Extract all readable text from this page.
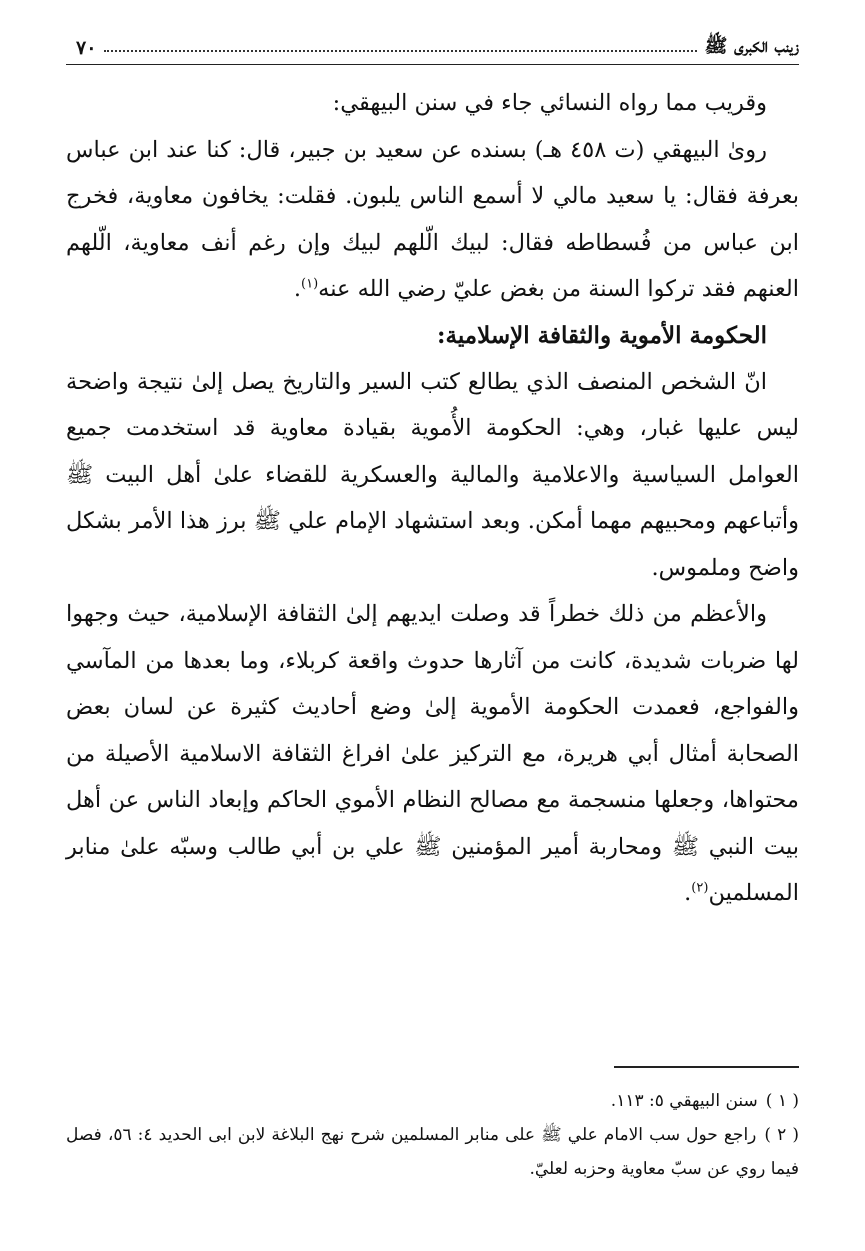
زينب الكبرى ﷺ
٧٠

وقريب مما رواه النسائي جاء في سنن البيهقي:

روىٰ البيهقي (ت ٤٥٨ هـ) بسنده عن سعيد بن جبير، قال: كنا عند ابن عباس بعرفة فقال: يا سعيد مالي لا أسمع الناس يلبون. فقلت: يخافون معاوية، فخرج ابن عباس من فُسطاطه فقال: لبيك الّلهم لبيك وإن رغم أنف معاوية، الّلهم العنهم فقد تركوا السنة من بغض عليّ رضي الله عنه$^{(١)}$.

الحكومة الأموية والثقافة الإسلامية:

انّ الشخص المنصف الذي يطالع كتب السير والتاريخ يصل إلىٰ نتيجة واضحة ليس عليها غبار، وهي: الحكومة الأُموية بقيادة معاوية قد استخدمت جميع العوامل السياسية والاعلامية والمالية والعسكرية للقضاء علىٰ أهل البيت ﷺ وأتباعهم ومحبيهم مهما أمكن. وبعد استشهاد الإمام علي ﷺ برز هذا الأمر بشكل واضح وملموس.

والأعظم من ذلك خطراً قد وصلت ايديهم إلىٰ الثقافة الإسلامية، حيث وجهوا لها ضربات شديدة، كانت من آثارها حدوث واقعة كربلاء، وما بعدها من المآسي والفواجع، فعمدت الحكومة الأموية إلىٰ وضع أحاديث كثيرة عن لسان بعض الصحابة أمثال أبي هريرة، مع التركيز علىٰ افراغ الثقافة الاسلامية الأصيلة من محتواها، وجعلها منسجمة مع مصالح النظام الأموي الحاكم وإبعاد الناس عن أهل بيت النبي ﷺ ومحاربة أمير المؤمنين ﷺ علي بن أبي طالب وسبّه علىٰ منابر المسلمين$^{(٢)}$.

( ١ )سنن البيهقي ٥: ١١٣.

( ٢ )راجع حول سب الامام علي ﷺ على منابر المسلمين شرح نهج البلاغة لابن ابى الحديد ٤: ٥٦، فصل فيما روي عن سبّ معاوية وحزبه لعليّ.
